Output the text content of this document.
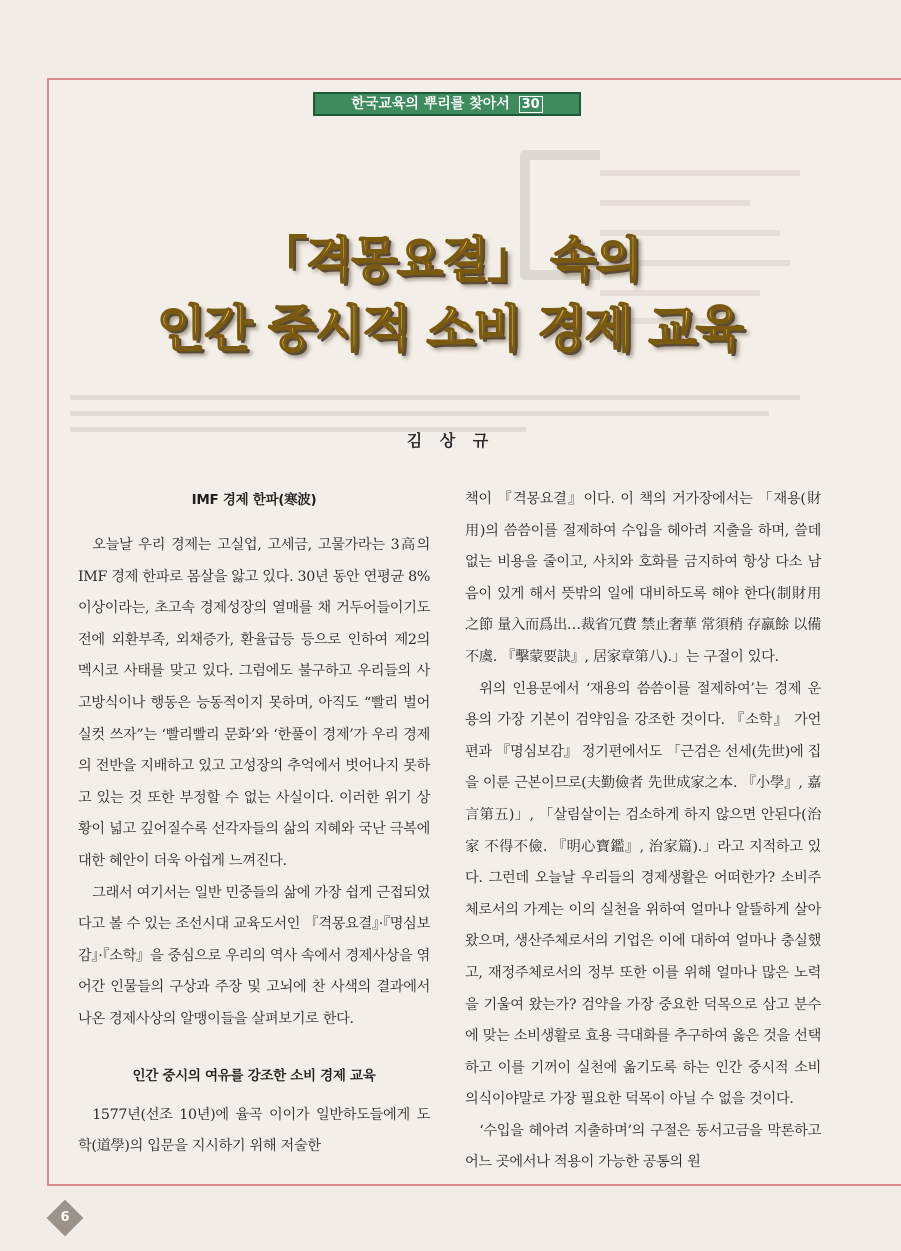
한국교육의 뿌리를 찾아서 30
「격몽요결」 속의
인간 중시적 소비 경제 교육
김 상 규
IMF 경제 한파(寒波)

오늘날 우리 경제는 고실업, 고세금, 고물가라는 3高의 IMF 경제 한파로 몸살을 앓고 있다. 30년 동안 연평균 8% 이상이라는, 초고속 경제성장의 열매를 채 거두어들이기도 전에 외환부족, 외채증가, 환율급등 등으로 인하여 제2의 멕시코 사태를 맞고 있다. 그럼에도 불구하고 우리들의 사고방식이나 행동은 능동적이지 못하며, 아직도 “빨리 벌어 실컷 쓰자”는 ‘빨리빨리 문화’와 ‘한풀이 경제’가 우리 경제의 전반을 지배하고 있고 고성장의 추억에서 벗어나지 못하고 있는 것 또한 부정할 수 없는 사실이다. 이러한 위기 상황이 넓고 깊어질수록 선각자들의 삶의 지혜와 국난 극복에 대한 혜안이 더욱 아쉽게 느껴진다.

그래서 여기서는 일반 민중들의 삶에 가장 쉽게 근접되었다고 볼 수 있는 조선시대 교육도서인 『격몽요결』·『명심보감』·『소학』을 중심으로 우리의 역사 속에서 경제사상을 엮어간 인물들의 구상과 주장 및 고뇌에 찬 사색의 결과에서 나온 경제사상의 알맹이들을 살펴보기로 한다.

인간 중시의 여유를 강조한 소비 경제 교육

1577년(선조 10년)에 율곡 이이가 일반하도들에게 도학(道學)의 입문을 지시하기 위해 저술한

책이 『격몽요결』이다. 이 책의 거가장에서는 「재용(財用)의 씀씀이를 절제하여 수입을 헤아려 지출을 하며, 쓸데없는 비용을 줄이고, 사치와 호화를 금지하여 항상 다소 남음이 있게 해서 뜻밖의 일에 대비하도록 해야 한다(制財用之節 量入而爲出…裁省冗費 禁止奢華 常須稍 存羸餘 以備不虞. 『擊蒙要訣』, 居家章第八).」는 구절이 있다.

위의 인용문에서 ‘재용의 씀씀이를 절제하여’는 경제 운용의 가장 기본이 검약임을 강조한 것이다. 『소학』 가언편과 『명심보감』 정기편에서도 「근검은 선세(先世)에 집을 이룬 근본이므로(夫勤儉者 先世成家之本. 『小學』, 嘉言第五)」, 「살림살이는 검소하게 하지 않으면 안된다(治家 不得不儉. 『明心寶鑑』, 治家篇).」라고 지적하고 있다. 그런데 오늘날 우리들의 경제생활은 어떠한가? 소비주체로서의 가계는 이의 실천을 위하여 얼마나 알뜰하게 살아 왔으며, 생산주체로서의 기업은 이에 대하여 얼마나 충실했고, 재정주체로서의 정부 또한 이를 위해 얼마나 많은 노력을 기울여 왔는가? 검약을 가장 중요한 덕목으로 삼고 분수에 맞는 소비생활로 효용 극대화를 추구하여 옳은 것을 선택하고 이를 기꺼이 실천에 옮기도록 하는 인간 중시적 소비 의식이야말로 가장 필요한 덕목이 아닐 수 없을 것이다.

‘수입을 헤아려 지출하며’의 구절은 동서고금을 막론하고 어느 곳에서나 적용이 가능한 공통의 원

6
